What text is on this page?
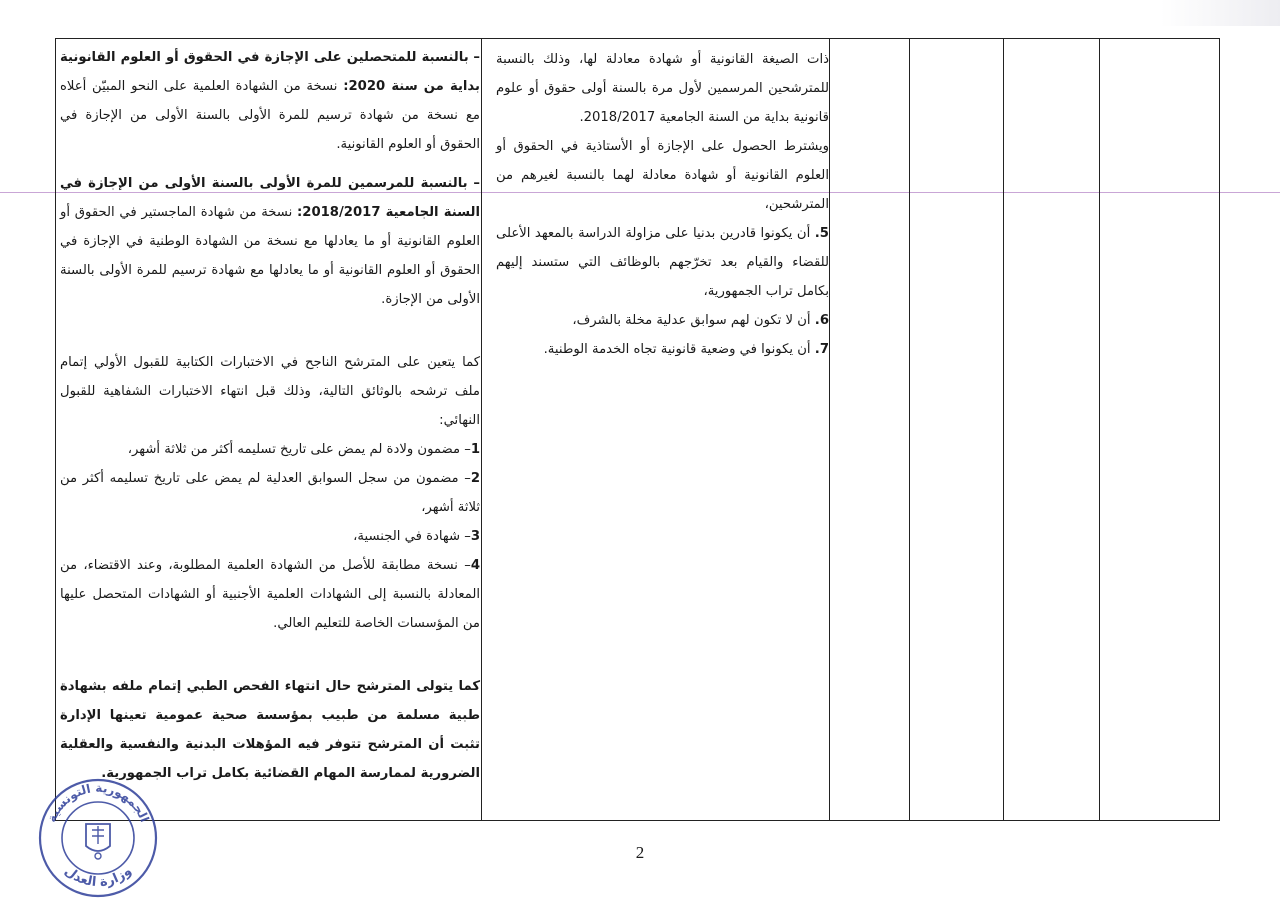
ذات الصيغة القانونية أو شهادة معادلة لها، وذلك بالنسبة للمترشحين المرسمين لأول مرة بالسنة أولى حقوق أو علوم قانونية بداية من السنة الجامعية 2018/2017.

ويشترط الحصول على الإجازة أو الأستاذية في الحقوق أو العلوم القانونية أو شهادة معادلة لهما بالنسبة لغيرهم من المترشحين،

5. أن يكونوا قادرين بدنيا على مزاولة الدراسة بالمعهد الأعلى للقضاء والقيام بعد تخرّجهم بالوظائف التي ستسند إليهم بكامل تراب الجمهورية،

6. أن لا تكون لهم سوابق عدلية مخلة بالشرف،

7. أن يكونوا في وضعية قانونية تجاه الخدمة الوطنية.

– بالنسبة للمتحصلين على الإجازة في الحقوق أو العلوم القانونية بداية من سنة 2020: نسخة من الشهادة العلمية على النحو المبيّن أعلاه مع نسخة من شهادة ترسيم للمرة الأولى بالسنة الأولى من الإجازة في الحقوق أو العلوم القانونية.

– بالنسبة للمرسمين للمرة الأولى بالسنة الأولى من الإجازة في السنة الجامعية 2018/2017: نسخة من شهادة الماجستير في الحقوق أو العلوم القانونية أو ما يعادلها مع نسخة من الشهادة الوطنية في الإجازة في الحقوق أو العلوم القانونية أو ما يعادلها مع شهادة ترسيم للمرة الأولى بالسنة الأولى من الإجازة.

كما يتعين على المترشح الناجح في الاختبارات الكتابية للقبول الأولي إتمام ملف ترشحه بالوثائق التالية، وذلك قبل انتهاء الاختبارات الشفاهية للقبول النهائي:

1– مضمون ولادة لم يمض على تاريخ تسليمه أكثر من ثلاثة أشهر،

2– مضمون من سجل السوابق العدلية لم يمض على تاريخ تسليمه أكثر من ثلاثة أشهر،

3– شهادة في الجنسية،

4– نسخة مطابقة للأصل من الشهادة العلمية المطلوبة، وعند الاقتضاء، من المعادلة بالنسبة إلى الشهادات العلمية الأجنبية أو الشهادات المتحصل عليها من المؤسسات الخاصة للتعليم العالي.

كما يتولى المترشح حال انتهاء الفحص الطبي إتمام ملفه بشهادة طبية مسلمة من طبيب بمؤسسة صحية عمومية تعينها الإدارة تثبت أن المترشح تتوفر فيه المؤهلات البدنية والنفسية والعقلية الضرورية لممارسة المهام القضائية بكامل تراب الجمهورية.

الجمهورية التونسية
وزارة العدل
2
